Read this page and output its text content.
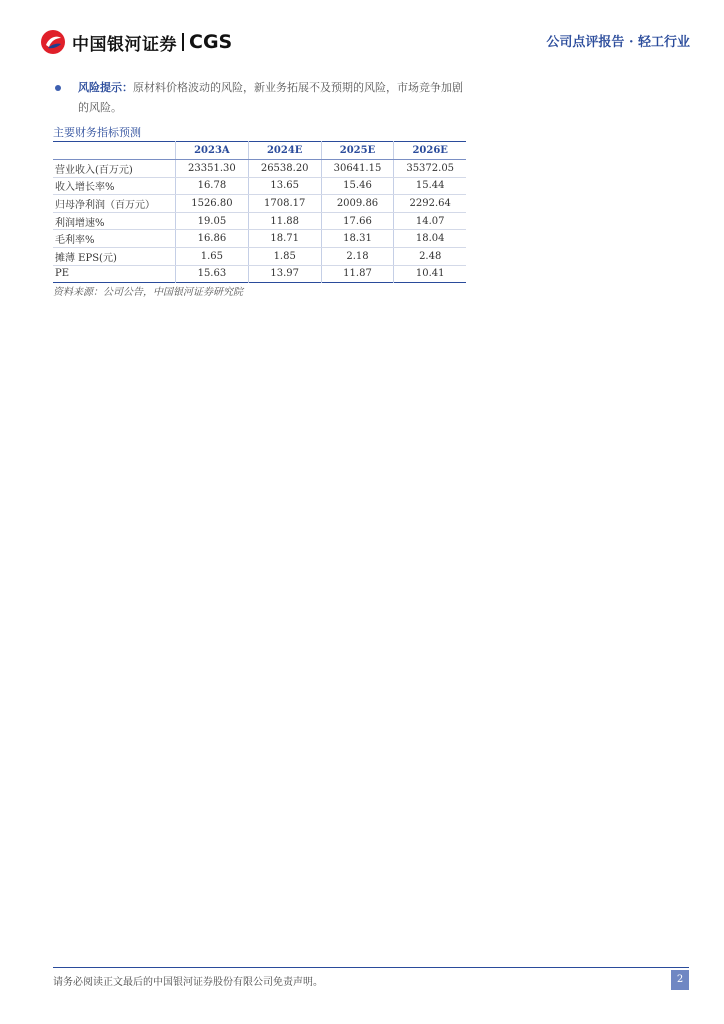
中国银河证券 CGS	公司点评报告 · 轻工行业
风险提示：原材料价格波动的风险，新业务拓展不及预期的风险，市场竞争加剧的风险。
主要财务指标预测
	2023A	2024E	2025E	2026E
营业收入(百万元)	23351.30	26538.20	30641.15	35372.05
收入增长率%	16.78	13.65	15.46	15.44
归母净利润（百万元）	1526.80	1708.17	2009.86	2292.64
利润增速%	19.05	11.88	17.66	14.07
毛利率%	16.86	18.71	18.31	18.04
摊薄 EPS(元)	1.65	1.85	2.18	2.48
PE	15.63	13.97	11.87	10.41
资料来源：公司公告，中国银河证券研究院
请务必阅读正文最后的中国银河证券股份有限公司免责声明。	2
